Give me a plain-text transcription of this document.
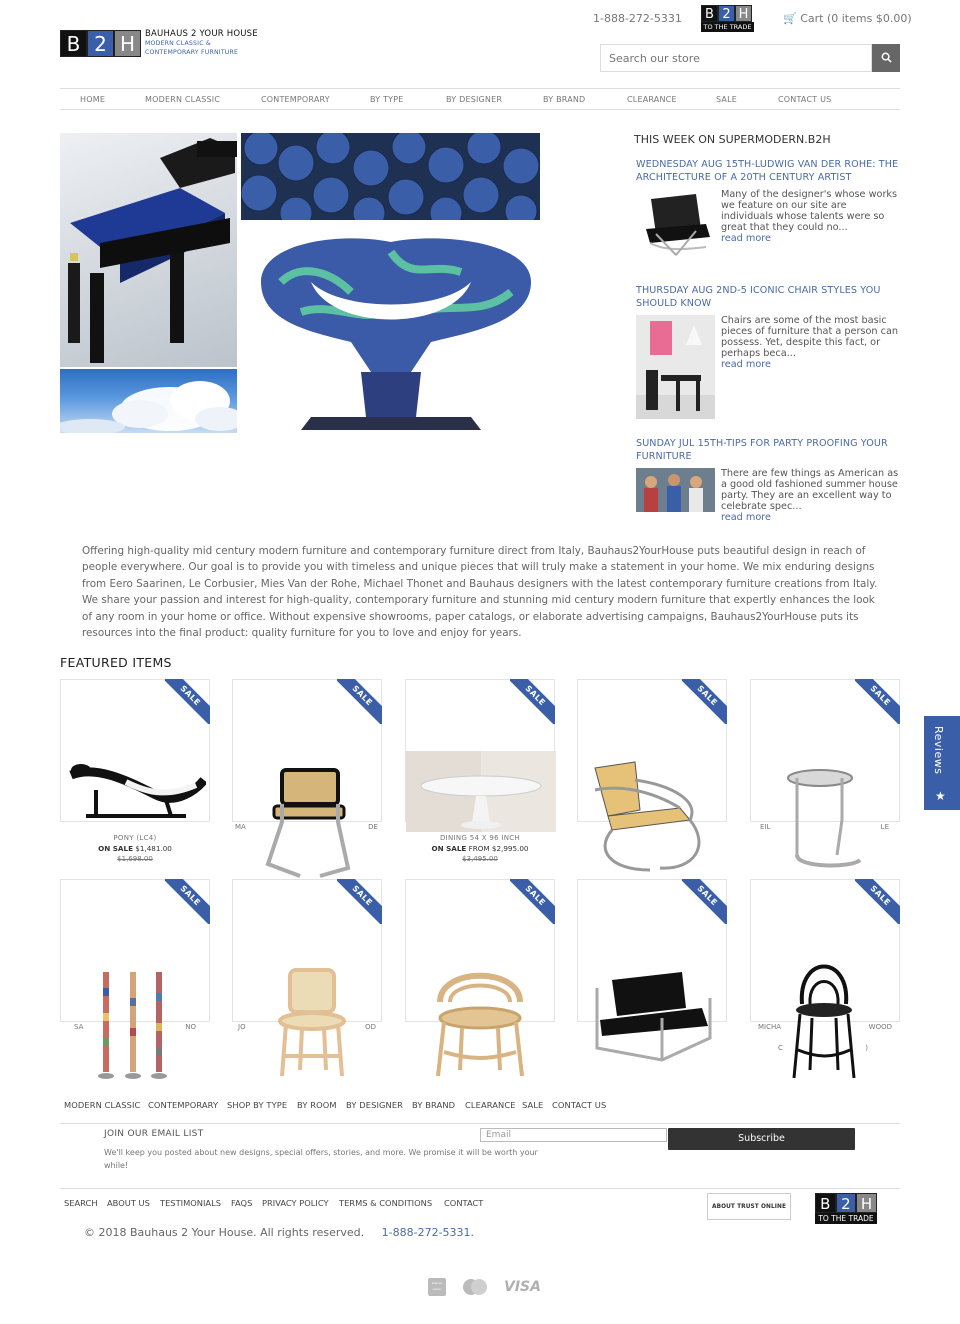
B 2 H	BAUHAUS 2 YOUR HOUSE
MODERN CLASSIC &
CONTEMPORARY FURNITURE
1-888-272-5331	B 2 H
TO THE TRADE
🛒 Cart (0 items $0.00)
Search our store
HOME	MODERN CLASSIC	CONTEMPORARY	BY TYPE	BY DESIGNER	BY BRAND	CLEARANCE	SALE	CONTACT US
THIS WEEK ON SUPERMODERN.B2H
WEDNESDAY AUG 15TH-LUDWIG VAN DER ROHE: THE ARCHITECTURE OF A 20TH CENTURY ARTIST
Many of the designer's whose works we feature on our site are individuals whose talents were so great that they could no...
read more
THURSDAY AUG 2ND-5 ICONIC CHAIR STYLES YOU SHOULD KNOW
Chairs are some of the most basic pieces of furniture that a person can possess. Yet, despite this fact, or perhaps beca...
read more
SUNDAY JUL 15TH-TIPS FOR PARTY PROOFING YOUR FURNITURE
There are few things as American as a good old fashioned summer house party. They are an excellent way to celebrate spec...
read more
Offering high-quality mid century modern furniture and contemporary furniture direct from Italy, Bauhaus2YourHouse puts beautiful design in reach of people everywhere. Our goal is to provide you with timeless and unique pieces that will truly make a statement in your home. We mix enduring designs from Eero Saarinen, Le Corbusier, Mies Van der Rohe, Michael Thonet and Bauhaus designers with the latest contemporary furniture creations from Italy. We share your passion and interest for high-quality, contemporary furniture and stunning mid century modern furniture that expertly enhances the look of any room in your home or office. Without expensive showrooms, paper catalogs, or elaborate advertising campaigns, Bauhaus2YourHouse puts its resources into the final product: quality furniture for you to love and enjoy for years.
FEATURED ITEMS
SALE
PONY (LC4)
ON SALE $1,481.00
$1,698.00
SALE
MA	DE
SALE
DINING 54 X 96 INCH
ON SALE FROM $2,995.00
$3,495.00
SALE	SALE
EIL	LE
SALE
SA	NO
SALE
JO	OD
SALE	SALE	SALE
MICHA	WOOD
C	)
MODERN CLASSIC CONTEMPORARY SHOP BY TYPE BY ROOM BY DESIGNER BY BRAND CLEARANCE SALE CONTACT US
JOIN OUR EMAIL LIST
We'll keep you posted about new designs, special offers, stories, and more. We promise it will be worth your while!
Email	Subscribe
SEARCH ABOUT US TESTIMONIALS FAQS PRIVACY POLICY TERMS & CONDITIONS CONTACT	ABOUT TRUST ONLINE	B 2 H
TO THE TRADE
© 2018 Bauhaus 2 Your House. All rights reserved. 1-888-272-5331.
AMERICAN EXPRESS	VISA
Reviews
★
